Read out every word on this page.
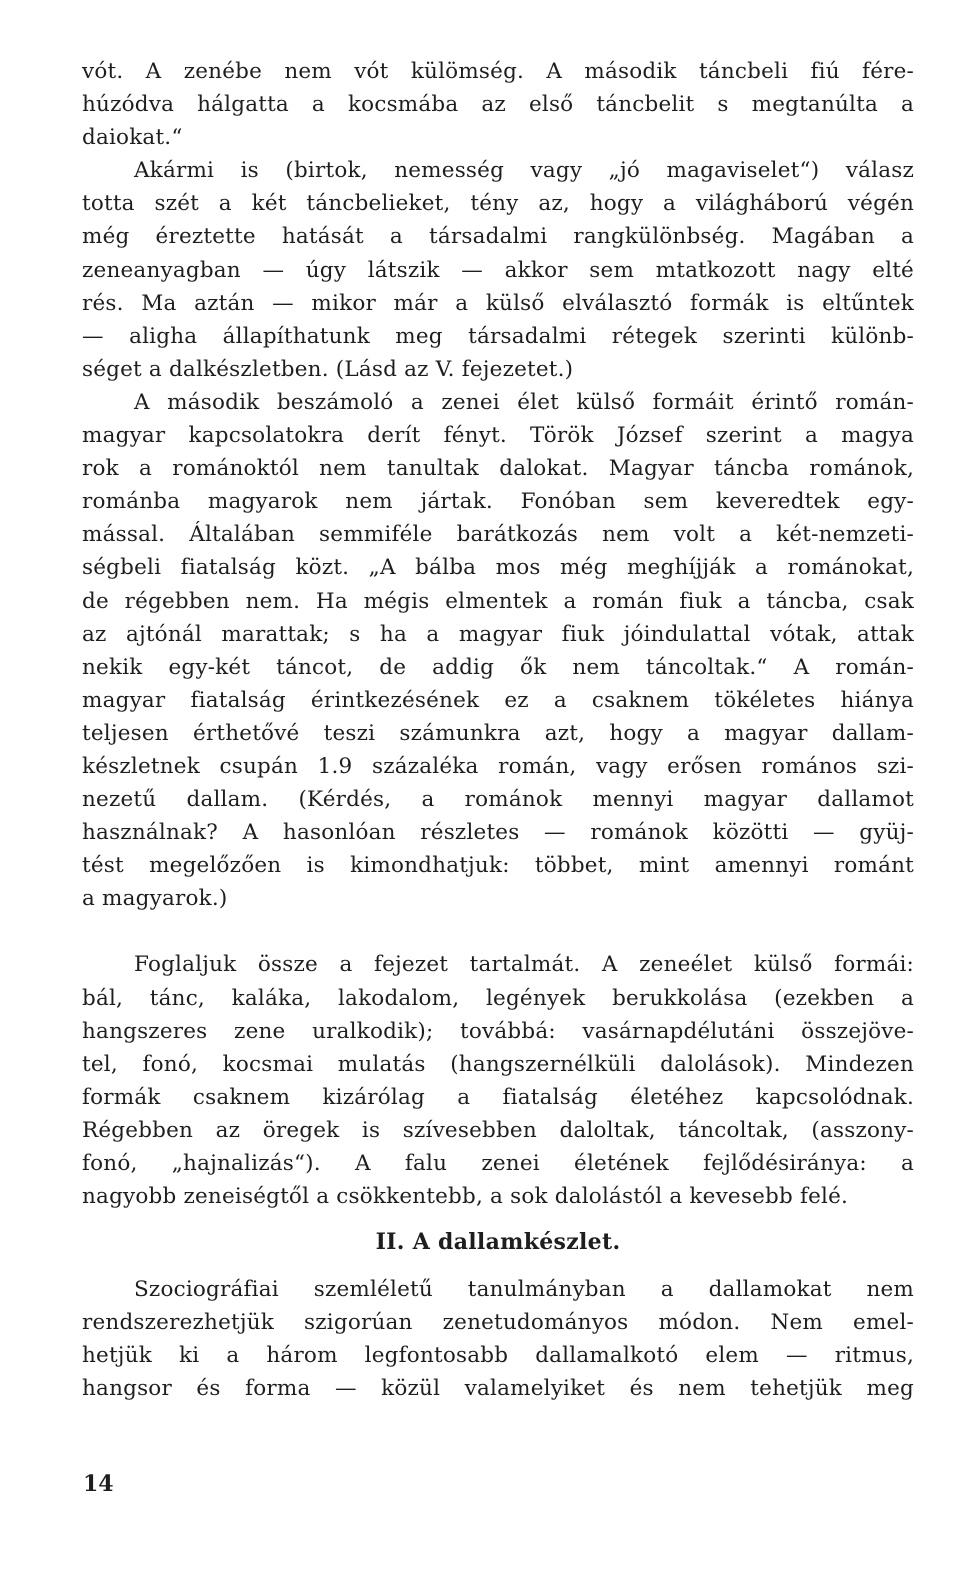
vót. A zenébe nem vót külömség. A második táncbeli fiú fére-
húzódva hálgatta a kocsmába az első táncbelit s megtanúlta a
daiokat.“
Akármi is (birtok, nemesség vagy „jó magaviselet“) válasz
totta szét a két táncbelieket, tény az, hogy a világháború végén
még éreztette hatását a társadalmi rangkülönbség. Magában a
zeneanyagban — úgy látszik — akkor sem mtatkozott nagy elté
rés. Ma aztán — mikor már a külső elválasztó formák is eltűntek
— aligha állapíthatunk meg társadalmi rétegek szerinti különb-
séget a dalkészletben. (Lásd az V. fejezetet.)
A második beszámoló a zenei élet külső formáit érintő román-
magyar kapcsolatokra derít fényt. Török József szerint a magya
rok a románoktól nem tanultak dalokat. Magyar táncba románok,
románba magyarok nem jártak. Fonóban sem keveredtek egy-
mással. Általában semmiféle barátkozás nem volt a két-nemzeti-
ségbeli fiatalság közt. „A bálba mos még meghíjják a románokat,
de régebben nem. Ha mégis elmentek a román fiuk a táncba, csak
az ajtónál marattak; s ha a magyar fiuk jóindulattal vótak, attak
nekik egy-két táncot, de addig ők nem táncoltak.“ A román-
magyar fiatalság érintkezésének ez a csaknem tökéletes hiánya
teljesen érthetővé teszi számunkra azt, hogy a magyar dallam-
készletnek csupán 1.9 százaléka román, vagy erősen romános szi-
nezetű dallam. (Kérdés, a románok mennyi magyar dallamot
használnak? A hasonlóan részletes — románok közötti — gyüj-
tést megelőzően is kimondhatjuk: többet, mint amennyi románt
a magyarok.)
Foglaljuk össze a fejezet tartalmát. A zeneélet külső formái:
bál, tánc, kaláka, lakodalom, legények berukkolása (ezekben a
hangszeres zene uralkodik); továbbá: vasárnapdélutáni összejöve-
tel, fonó, kocsmai mulatás (hangszernélküli dalolások). Mindezen
formák csaknem kizárólag a fiatalság életéhez kapcsolódnak.
Régebben az öregek is szívesebben daloltak, táncoltak, (asszony-
fonó, „hajnalizás“). A falu zenei életének fejlődésiránya: a
nagyobb zeneiségtől a csökkentebb, a sok dalolástól a kevesebb felé.
II. A dallamkészlet.
Szociográfiai szemléletű tanulmányban a dallamokat nem
rendszerezhetjük szigorúan zenetudományos módon. Nem emel-
hetjük ki a három legfontosabb dallamalkotó elem — ritmus,
hangsor és forma — közül valamelyiket és nem tehetjük meg
14
